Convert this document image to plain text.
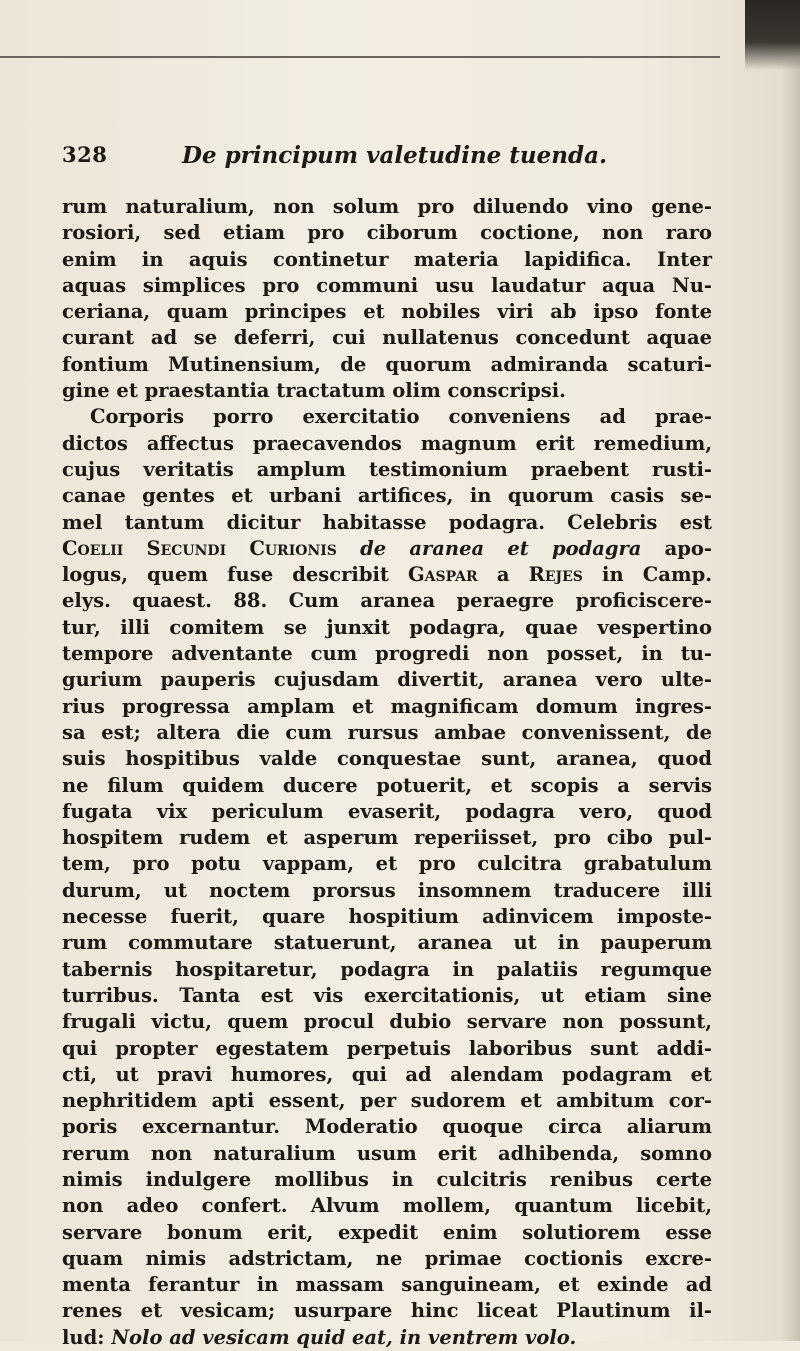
328	De principum valetudine tuenda.
rum naturalium, non solum pro diluendo vino gene-
rosiori, sed etiam pro ciborum coctione, non raro
enim in aquis continetur materia lapidifica. Inter
aquas simplices pro communi usu laudatur aqua Nu-
ceriana, quam principes et nobiles viri ab ipso fonte
curant ad se deferri, cui nullatenus concedunt aquae
fontium Mutinensium, de quorum admiranda scaturi-
gine et praestantia tractatum olim conscripsi.
Corporis porro exercitatio conveniens ad prae-
dictos affectus praecavendos magnum erit remedium,
cujus veritatis amplum testimonium praebent rusti-
canae gentes et urbani artifices, in quorum casis se-
mel tantum dicitur habitasse podagra. Celebris est
Coelii Secundi Curionis de aranea et podagra apo-
logus, quem fuse describit Gaspar a Rejes in Camp.
elys. quaest. 88. Cum aranea peraegre proficiscere-
tur, illi comitem se junxit podagra, quae vespertino
tempore adventante cum progredi non posset, in tu-
gurium pauperis cujusdam divertit, aranea vero ulte-
rius progressa amplam et magnificam domum ingres-
sa est; altera die cum rursus ambae convenissent, de
suis hospitibus valde conquestae sunt, aranea, quod
ne filum quidem ducere potuerit, et scopis a servis
fugata vix periculum evaserit, podagra vero, quod
hospitem rudem et asperum reperiisset, pro cibo pul-
tem, pro potu vappam, et pro culcitra grabatulum
durum, ut noctem prorsus insomnem traducere illi
necesse fuerit, quare hospitium adinvicem imposte-
rum commutare statuerunt, aranea ut in pauperum
tabernis hospitaretur, podagra in palatiis regumque
turribus. Tanta est vis exercitationis, ut etiam sine
frugali victu, quem procul dubio servare non possunt,
qui propter egestatem perpetuis laboribus sunt addi-
cti, ut pravi humores, qui ad alendam podagram et
nephritidem apti essent, per sudorem et ambitum cor-
poris excernantur. Moderatio quoque circa aliarum
rerum non naturalium usum erit adhibenda, somno
nimis indulgere mollibus in culcitris renibus certe
non adeo confert. Alvum mollem, quantum licebit,
servare bonum erit, expedit enim solutiorem esse
quam nimis adstrictam, ne primae coctionis excre-
menta ferantur in massam sanguineam, et exinde ad
renes et vesicam; usurpare hinc liceat Plautinum il-
lud: Nolo ad vesicam quid eat, in ventrem volo.
